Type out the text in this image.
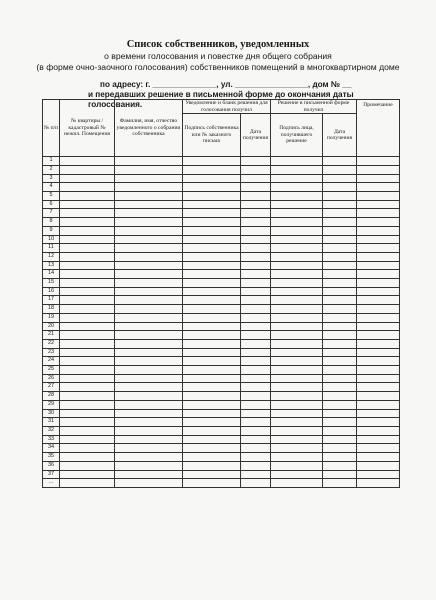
Список собственников, уведомленных
о времени голосования и повестке дня общего собрания
(в форме очно-заочного голосования) собственников помещений в многоквартирном доме
по адресу: г. ______________, ул. ________________, дом № __
и передавших решение в письменной форме до окончания даты голосования.
№ п/п	№ квартиры / кадастровый № нежил. Помещения	Фамилия, имя, отчество уведомленного о собрании собственника	Уведомление и бланк решения для голосования получил		Решение в письменной форме получил		Примечание
			Подпись собственника или № заказного письма	Дата получения	Подпись лица, получившего решение	Дата получения	
1							
2							
3							
4							
5							
6							
7							
8							
9							
10							
11							
12							
13							
14							
15							
16							
17							
18							
19							
20							
21							
22							
23							
24							
25							
26							
27							
28							
29							
30							
31							
32							
33							
34							
35							
36							
37							
...							
